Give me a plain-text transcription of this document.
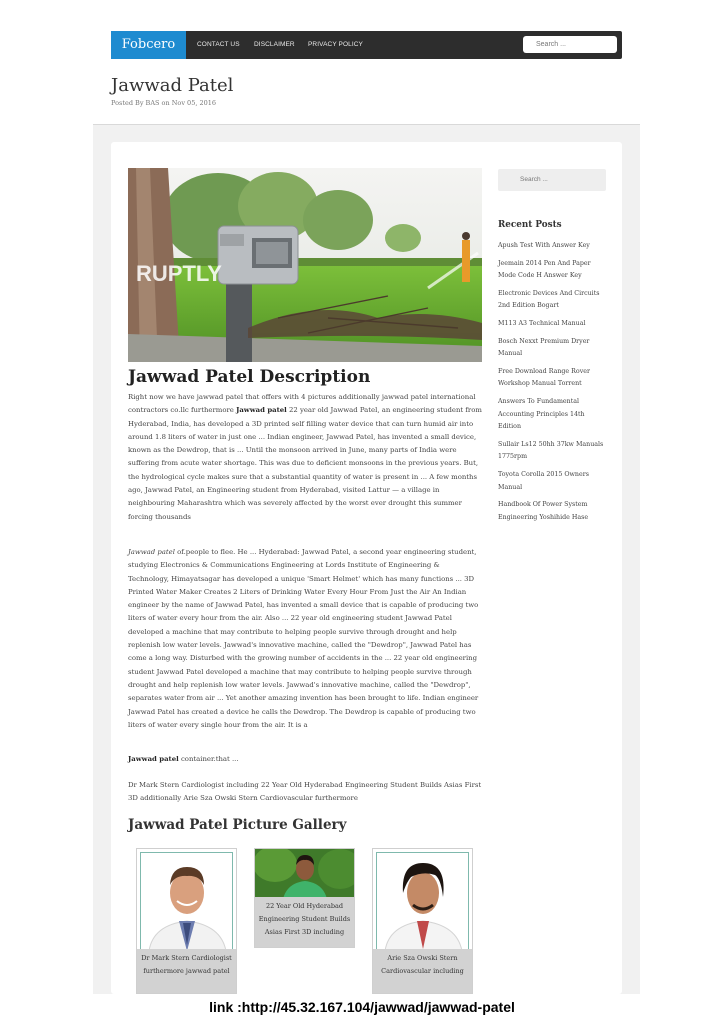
Fobcero	CONTACT US DISCLAIMER PRIVACY POLICY	Search ...
Jawwad Patel
Posted By BAS on Nov 05, 2016
RUPTLY
Jawwad Patel Description

Right now we have jawwad patel that offers with 4 pictures additionally jawwad patel international contractors co.llc furthermore Jawwad patel 22 year old Jawwad Patel, an engineering student from Hyderabad, India, has developed a 3D printed self filling water device that can turn humid air into around 1.8 liters of water in just one ... Indian engineer, Jawwad Patel, has invented a small device, known as the Dewdrop, that is ... Until the monsoon arrived in June, many parts of India were suffering from acute water shortage. This was due to deficient monsoons in the previous years. But, the hydrological cycle makes sure that a substantial quantity of water is present in ... A few months ago, Jawwad Patel, an Engineering student from Hyderabad, visited Lattur — a village in neighbouring Maharashtra which was severely affected by the worst ever drought this summer forcing thousands

Jawwad patel of.people to flee. He ... Hyderabad: Jawwad Patel, a second year engineering student, studying Electronics & Communications Engineering at Lords Institute of Engineering & Technology, Himayatsagar has developed a unique 'Smart Helmet' which has many functions ... 3D Printed Water Maker Creates 2 Liters of Drinking Water Every Hour From Just the Air An Indian engineer by the name of Jawwad Patel, has invented a small device that is capable of producing two liters of water every hour from the air. Also ... 22 year old engineering student Jawwad Patel developed a machine that may contribute to helping people survive through drought and help replenish low water levels. Jawwad's innovative machine, called the "Dewdrop", Jawwad Patel has come a long way. Disturbed with the growing number of accidents in the ... 22 year old engineering student Jawwad Patel developed a machine that may contribute to helping people survive through drought and help replenish low water levels. Jawwad's innovative machine, called the "Dewdrop", separates water from air ... Yet another amazing invention has been brought to life. Indian engineer Jawwad Patel has created a device he calls the Dewdrop. The Dewdrop is capable of producing two liters of water every single hour from the air. It is a

Jawwad patel container.that ...

Dr Mark Stern Cardiologist including 22 Year Old Hyderabad Engineering Student Builds Asias First 3D additionally Arie Sza Owski Stern Cardiovascular furthermore

Jawwad Patel Picture Gallery
Dr Mark Stern Cardiologist furthermore jawwad patel
22 Year Old Hyderabad Engineering Student Builds Asias First 3D including
Arie Sza Owski Stern Cardiovascular including
Search ...
Recent Posts
Apush Test With Answer Key
Jeemain 2014 Pen And Paper Mode Code H Answer Key
Electronic Devices And Circuits 2nd Edition Bogart
M113 A3 Technical Manual
Bosch Nexxt Premium Dryer Manual
Free Download Range Rover Workshop Manual Torrent
Answers To Fundamental Accounting Principles 14th Edition
Sullair Ls12 50hh 37kw Manuals 1775rpm
Toyota Corolla 2015 Owners Manual
Handbook Of Power System Engineering Yoshihide Hase
link :http://45.32.167.104/jawwad/jawwad-patel
